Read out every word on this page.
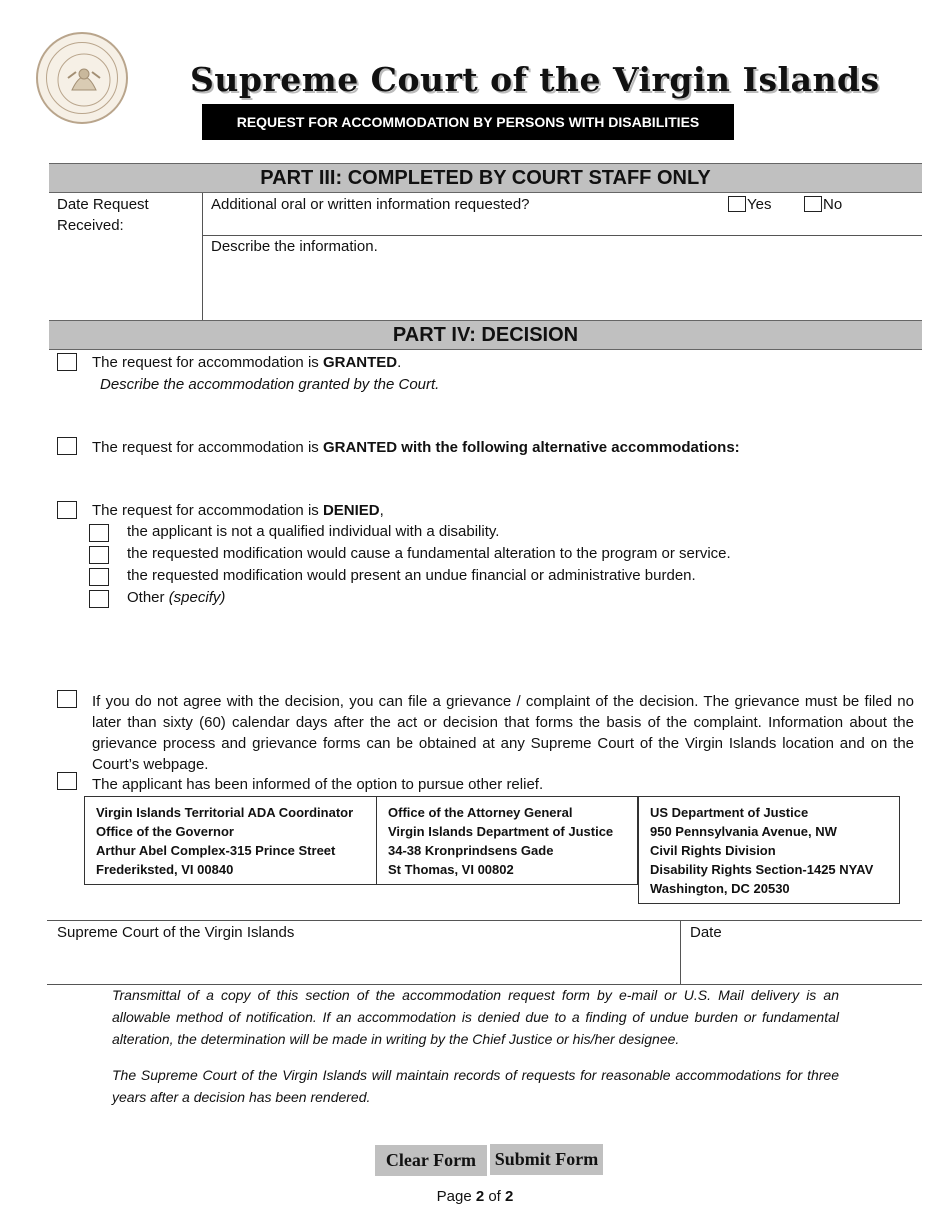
Supreme Court of the Virgin Islands
REQUEST FOR ACCOMMODATION BY PERSONS WITH DISABILITIES
PART III: COMPLETED BY COURT STAFF ONLY
Date Request Received:
Additional oral or written information requested?	Yes	No
Describe the information.
PART IV: DECISION
The request for accommodation is GRANTED.
Describe the accommodation granted by the Court.
The request for accommodation is GRANTED with the following alternative accommodations:
The request for accommodation is DENIED,
the applicant is not a qualified individual with a disability.
the requested modification would cause a fundamental alteration to the program or service.
the requested modification would present an undue financial or administrative burden.
Other (specify)
If you do not agree with the decision, you can file a grievance / complaint of the decision. The grievance must be filed no later than sixty (60) calendar days after the act or decision that forms the basis of the complaint. Information about the grievance process and grievance forms can be obtained at any Supreme Court of the Virgin Islands location and on the Court’s webpage.
The applicant has been informed of the option to pursue other relief.
Virgin Islands Territorial ADA Coordinator
Office of the Governor
Arthur Abel Complex-315 Prince Street
Frederiksted, VI 00840
Office of the Attorney General
Virgin Islands Department of Justice
34-38 Kronprindsens Gade
St Thomas, VI 00802
US Department of Justice
950 Pennsylvania Avenue, NW
Civil Rights Division
Disability Rights Section-1425 NYAV
Washington, DC 20530
Supreme Court of the Virgin Islands	Date
Transmittal of a copy of this section of the accommodation request form by e-mail or U.S. Mail delivery is an allowable method of notification. If an accommodation is denied due to a finding of undue burden or fundamental alteration, the determination will be made in writing by the Chief Justice or his/her designee.
The Supreme Court of the Virgin Islands will maintain records of requests for reasonable accommodations for three years after a decision has been rendered.
Clear Form	Submit Form
Page 2 of 2
